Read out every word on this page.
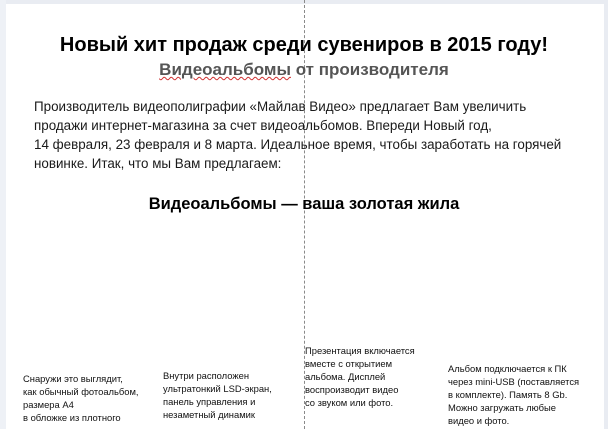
Новый хит продаж среди сувениров в 2015 году!
Видеоальбомы от производителя
Производитель видеополиграфии «Майлав Видео» предлагает Вам увеличить
продажи интернет-магазина за счет видеоальбомов. Впереди Новый год,
14 февраля, 23 февраля и 8 марта. Идеальное время, чтобы заработать на горячей
новинке. Итак, что мы Вам предлагаем:
Видеоальбомы — ваша золотая жила
Снаружи это выглядит,
как обычный фотоальбом,
размера А4
в обложке из плотного
Внутри расположен
ультратонкий LSD-экран,
панель управления и
незаметный динамик
Презентация включается
вместе с открытием
альбома. Дисплей
воспроизводит видео
со звуком или фото.
Альбом подключается к ПК
через mini-USB (поставляется
в комплекте). Память 8 Gb.
Можно загружать любые
видео и фото.
